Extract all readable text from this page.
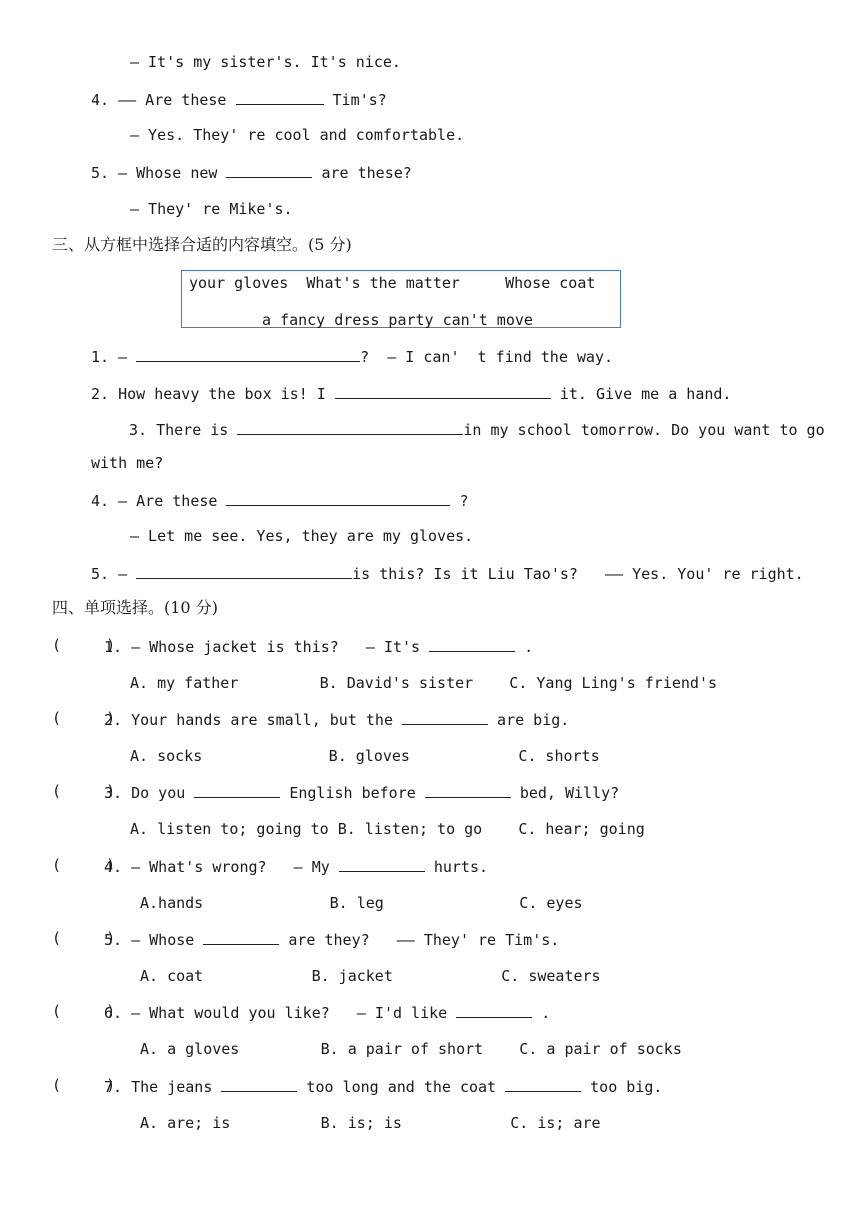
— It's my sister's. It's nice.
4. —— Are these	Tim's?
— Yes. They' re cool and comfortable.
5. — Whose new	are these?
— They' re Mike's.
三、从方框中选择合适的内容填空。(5 分)
your gloves  What's the matter     Whose coat
a fancy dress party can't move
1. —	?  — I can'  t find the way.
2. How heavy the box is! I	it. Give me a hand.
3. There is	in my school tomorrow. Do you want to go
with me?
4. — Are these	?
— Let me see. Yes, they are my gloves.
5. —	is this? Is it Liu Tao's?   —— Yes. You' re right.
四、单项选择。(10 分)
(     )
1. — Whose jacket is this?   — It's	.
A. my father         B. David's sister    C. Yang Ling's friend's
(     )
2. Your hands are small, but the	are big.
A. socks              B. gloves            C. shorts
(     )
3. Do you	English before	bed, Willy?
A. listen to; going to B. listen; to go    C. hear; going
(     )
4. — What's wrong?   — My	hurts.
A.hands              B. leg               C. eyes
(     )
5. — Whose	are they?   —— They' re Tim's.
A. coat            B. jacket            C. sweaters
(     )
6. — What would you like?   — I'd like	.
A. a gloves         B. a pair of short    C. a pair of socks
(     )
7. The jeans	too long and the coat	too big.
A. are; is          B. is; is            C. is; are
